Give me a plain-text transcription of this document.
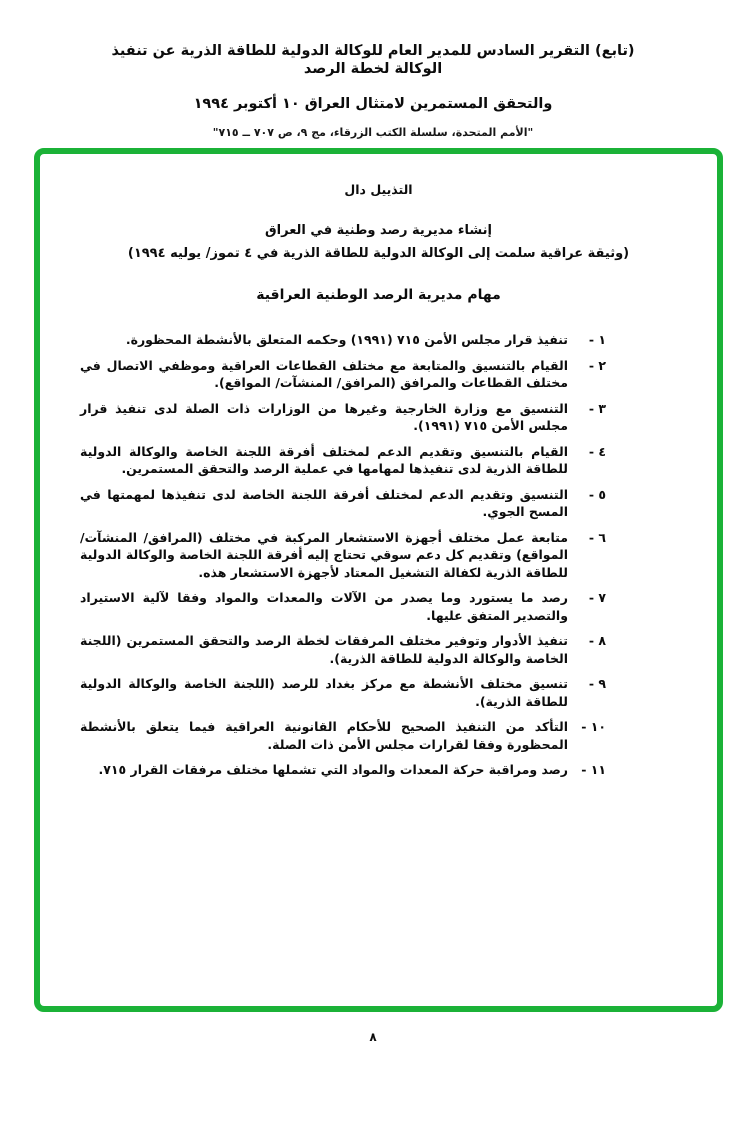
(تابع) التقرير السادس للمدير العام للوكالة الدولية للطاقة الذرية عن تنفيذ الوكالة لخطة الرصد
والتحقق المستمرين لامتثال العراق ١٠ أكتوبر ١٩٩٤
"الأمم المتحدة، سلسلة الكتب الزرقاء، مج ٩، ص ٧٠٧ ــ ٧١٥"
التذييل دال
إنشاء مديرية رصد وطنية في العراق
(وثيقة عراقية سلمت إلى الوكالة الدولية للطاقة الذرية في ٤ تموز/ يوليه ١٩٩٤)
مهام مديرية الرصد الوطنية العراقية
١ -
تنفيذ قرار مجلس الأمن ٧١٥ (١٩٩١) وحكمه المتعلق بالأنشطة المحظورة.
٢ -
القيام بالتنسيق والمتابعة مع مختلف القطاعات العراقية وموظفي الاتصال في مختلف القطاعات والمرافق (المرافق/ المنشآت/ المواقع).
٣ -
التنسيق مع وزارة الخارجية وغيرها من الوزارات ذات الصلة لدى تنفيذ قرار مجلس الأمن ٧١٥ (١٩٩١).
٤ -
القيام بالتنسيق وتقديم الدعم لمختلف أفرقة اللجنة الخاصة والوكالة الدولية للطاقة الذرية لدى تنفيذها لمهامها في عملية الرصد والتحقق المستمرين.
٥ -
التنسيق وتقديم الدعم لمختلف أفرقة اللجنة الخاصة لدى تنفيذها لمهمتها في المسح الجوي.
٦ -
متابعة عمل مختلف أجهزة الاستشعار المركبة في مختلف (المرافق/ المنشآت/ المواقع) وتقديم كل دعم سوقي تحتاج إليه أفرقة اللجنة الخاصة والوكالة الدولية للطاقة الذرية لكفالة التشغيل المعتاد لأجهزة الاستشعار هذه.
٧ -
رصد ما يستورد وما يصدر من الآلات والمعدات والمواد وفقا لآلية الاستيراد والتصدير المتفق عليها.
٨ -
تنفيذ الأدوار وتوفير مختلف المرفقات لخطة الرصد والتحقق المستمرين (اللجنة الخاصة والوكالة الدولية للطاقة الذرية).
٩ -
تنسيق مختلف الأنشطة مع مركز بغداد للرصد (اللجنة الخاصة والوكالة الدولية للطاقة الذرية).
١٠ -
التأكد من التنفيذ الصحيح للأحكام القانونية العراقية فيما يتعلق بالأنشطة المحظورة وفقا لقرارات مجلس الأمن ذات الصلة.
١١ -
رصد ومراقبة حركة المعدات والمواد التي تشملها مختلف مرفقات القرار ٧١٥.
٨
